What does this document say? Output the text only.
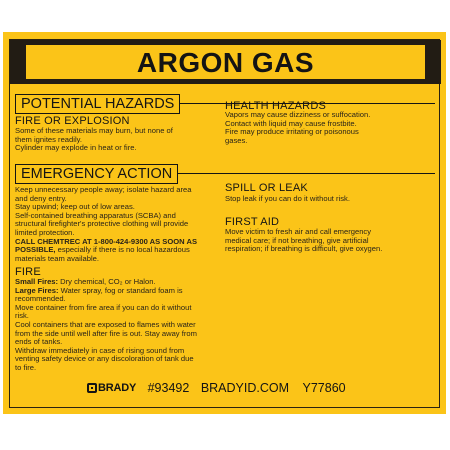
ARGON GAS
POTENTIAL HAZARDS
FIRE OR EXPLOSION
Some of these materials may burn, but none of
them ignites readily.
Cylinder may explode in heat or fire.
HEALTH HAZARDS
Vapors may cause dizziness or suffocation.
Contact with liquid may cause frostbite.
Fire may produce irritating or poisonous
gases.
EMERGENCY ACTION
Keep unnecessary people away; isolate hazard area
and deny entry.
Stay upwind; keep out of low areas.
Self-contained breathing apparatus (SCBA) and
structural firefighter's protective clothing will provide
limited protection.
CALL CHEMTREC AT 1-800-424-9300 AS SOON AS
POSSIBLE, especially if there is no local hazardous
materials team available.
FIRE
Small Fires: Dry chemical, CO₂ or Halon.
Large Fires: Water spray, fog or standard foam is
recommended.
Move container from fire area if you can do it without
risk.
Cool containers that are exposed to flames with water
from the side until well after fire is out. Stay away from
ends of tanks.
Withdraw immediately in case of rising sound from
venting safety device or any discoloration of tank due
to fire.
SPILL OR LEAK
Stop leak if you can do it without risk.
FIRST AID
Move victim to fresh air and call emergency
medical care; if not breathing, give artificial
respiration; if breathing is difficult, give oxygen.
BRADY #93492 BRADYID.COM Y77860
